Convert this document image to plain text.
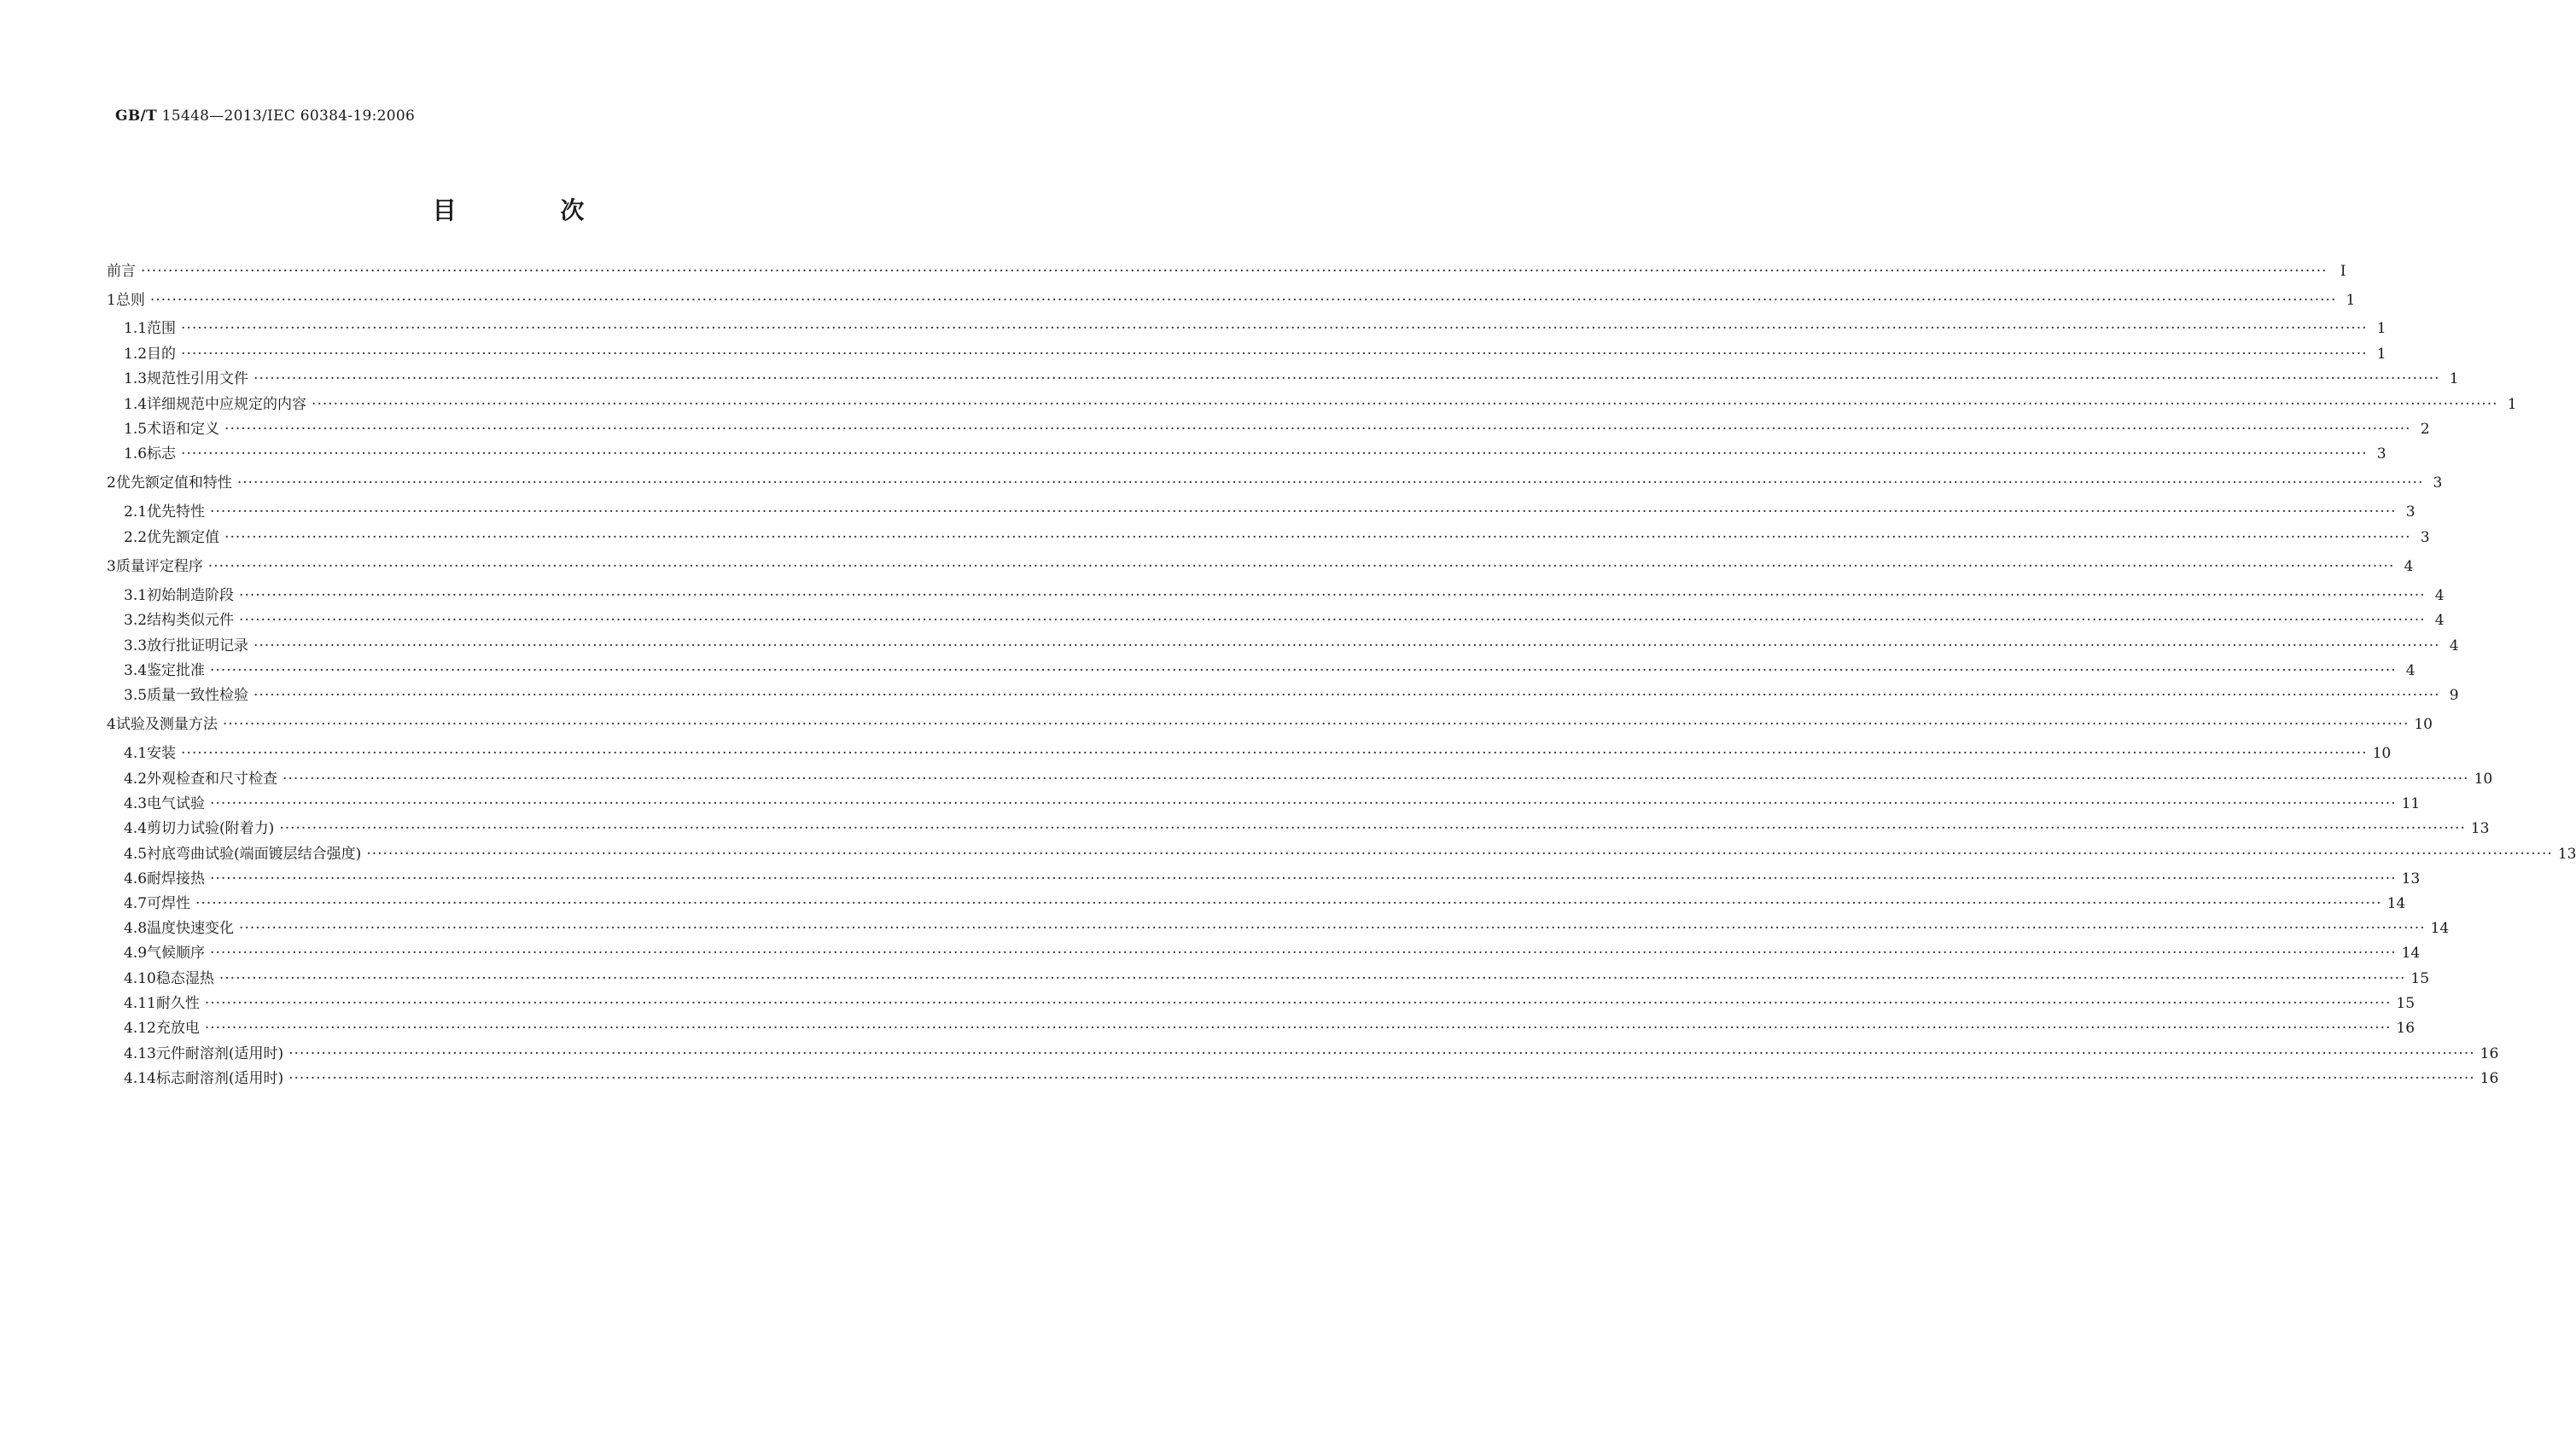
GB/T 15448—2013/IEC 60384-19:2006
目 次
前言 ················································································································································································································································································································································································································ Ⅰ
1 总则 ················································································································································································································································································································································································································ 1
1.1 范围 ················································································································································································································································································································································································································ 1
1.2 目的 ················································································································································································································································································································································································································ 1
1.3 规范性引用文件 ················································································································································································································································································································································································································ 1
1.4 详细规范中应规定的内容 ················································································································································································································································································································································································································ 1
1.5 术语和定义 ················································································································································································································································································································································································································ 2
1.6 标志 ················································································································································································································································································································································································································ 3
2 优先额定值和特性 ················································································································································································································································································································································································································ 3
2.1 优先特性 ················································································································································································································································································································································································································ 3
2.2 优先额定值 ················································································································································································································································································································································································································ 3
3 质量评定程序 ················································································································································································································································································································································································································ 4
3.1 初始制造阶段 ················································································································································································································································································································································································································ 4
3.2 结构类似元件 ················································································································································································································································································································································································································ 4
3.3 放行批证明记录 ················································································································································································································································································································································································································ 4
3.4 鉴定批准 ················································································································································································································································································································································································································ 4
3.5 质量一致性检验 ················································································································································································································································································································································································································ 9
4 试验及测量方法 ················································································································································································································································································································································································································ 10
4.1 安装 ················································································································································································································································································································································································································ 10
4.2 外观检查和尺寸检查 ················································································································································································································································································································································································································ 10
4.3 电气试验 ················································································································································································································································································································································································································ 11
4.4 剪切力试验(附着力) ················································································································································································································································································································································································································ 13
4.5 衬底弯曲试验(端面镀层结合强度) ················································································································································································································································································································································································································ 13
4.6 耐焊接热 ················································································································································································································································································································································································································ 13
4.7 可焊性 ················································································································································································································································································································································································································ 14
4.8 温度快速变化 ················································································································································································································································································································································································································ 14
4.9 气候顺序 ················································································································································································································································································································································································································ 14
4.10 稳态湿热 ················································································································································································································································································································································································································ 15
4.11 耐久性 ················································································································································································································································································································································································································ 15
4.12 充放电 ················································································································································································································································································································································································································ 16
4.13 元件耐溶剂(适用时) ················································································································································································································································································································································································································ 16
4.14 标志耐溶剂(适用时) ················································································································································································································································································································································································································ 16
